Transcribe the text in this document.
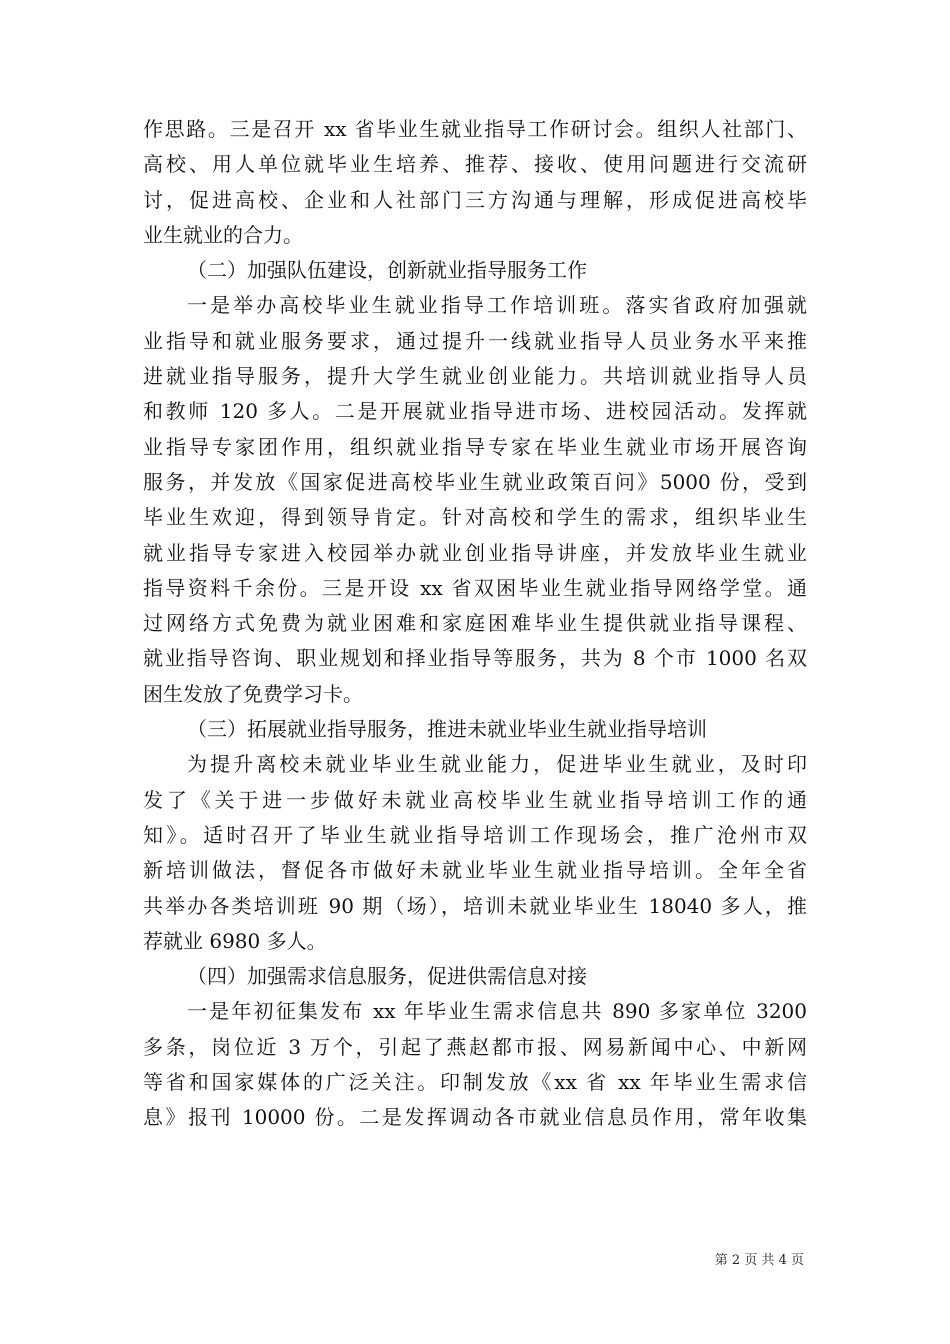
作思路。三是召开 xx 省毕业生就业指导工作研讨会。组织人社部门、
高校、用人单位就毕业生培养、推荐、接收、使用问题进行交流研
讨，促进高校、企业和人社部门三方沟通与理解，形成促进高校毕
业生就业的合力。
（二）加强队伍建设，创新就业指导服务工作
一是举办高校毕业生就业指导工作培训班。落实省政府加强就
业指导和就业服务要求，通过提升一线就业指导人员业务水平来推
进就业指导服务，提升大学生就业创业能力。共培训就业指导人员
和教师 120 多人。二是开展就业指导进市场、进校园活动。发挥就
业指导专家团作用，组织就业指导专家在毕业生就业市场开展咨询
服务，并发放《国家促进高校毕业生就业政策百问》5000 份，受到
毕业生欢迎，得到领导肯定。针对高校和学生的需求，组织毕业生
就业指导专家进入校园举办就业创业指导讲座，并发放毕业生就业
指导资料千余份。三是开设 xx 省双困毕业生就业指导网络学堂。通
过网络方式免费为就业困难和家庭困难毕业生提供就业指导课程、
就业指导咨询、职业规划和择业指导等服务，共为 8 个市 1000 名双
困生发放了免费学习卡。
（三）拓展就业指导服务，推进未就业毕业生就业指导培训
为提升离校未就业毕业生就业能力，促进毕业生就业，及时印
发了《关于进一步做好未就业高校毕业生就业指导培训工作的通
知》。适时召开了毕业生就业指导培训工作现场会，推广沧州市双
新培训做法，督促各市做好未就业毕业生就业指导培训。全年全省
共举办各类培训班 90 期（场），培训未就业毕业生 18040 多人，推
荐就业 6980 多人。
（四）加强需求信息服务，促进供需信息对接
一是年初征集发布 xx 年毕业生需求信息共 890 多家单位 3200
多条，岗位近 3 万个，引起了燕赵都市报、网易新闻中心、中新网
等省和国家媒体的广泛关注。印制发放《xx 省 xx 年毕业生需求信
息》报刊 10000 份。二是发挥调动各市就业信息员作用，常年收集
第 2 页 共 4 页
